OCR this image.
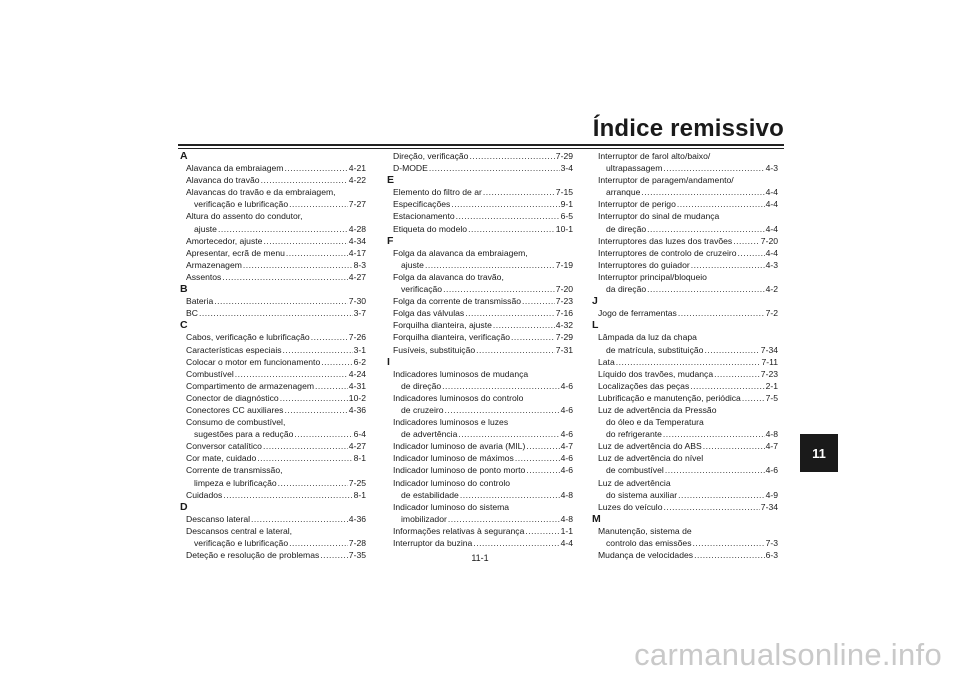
Índice remissivo
11
A
Alavanca da embraiagem .....	4-21
Alavanca do travão .....	4-22
Alavancas do travão e da embraiagem,
verificação e lubrificação .....	7-27
Altura do assento do condutor,
ajuste .....	4-28
Amortecedor, ajuste .....	4-34
Apresentar, ecrã de menu .....	4-17
Armazenagem .....	8-3
Assentos .....	4-27
B
Bateria .....	7-30
BC .....	3-7
C
Cabos, verificação e lubrificação .....	7-26
Características especiais .....	3-1
Colocar o motor em funcionamento .....	6-2
Combustível .....	4-24
Compartimento de armazenagem .....	4-31
Conector de diagnóstico .....	10-2
Conectores CC auxiliares .....	4-36
Consumo de combustível,
sugestões para a redução .....	6-4
Conversor catalítico .....	4-27
Cor mate, cuidado .....	8-1
Corrente de transmissão,
limpeza e lubrificação .....	7-25
Cuidados .....	8-1
D
Descanso lateral .....	4-36
Descansos central e lateral,
verificação e lubrificação .....	7-28
Deteção e resolução de problemas .....	7-35
Direção, verificação .....	7-29
D-MODE .....	3-4
E
Elemento do filtro de ar .....	7-15
Especificações .....	9-1
Estacionamento .....	6-5
Etiqueta do modelo .....	10-1
F
Folga da alavanca da embraiagem,
ajuste .....	7-19
Folga da alavanca do travão,
verificação .....	7-20
Folga da corrente de transmissão .....	7-23
Folga das válvulas .....	7-16
Forquilha dianteira, ajuste .....	4-32
Forquilha dianteira, verificação .....	7-29
Fusíveis, substituição .....	7-31
I
Indicadores luminosos de mudança
de direção .....	4-6
Indicadores luminosos do controlo
de cruzeiro .....	4-6
Indicadores luminosos e luzes
de advertência .....	4-6
Indicador luminoso de avaria (MIL) .....	4-7
Indicador luminoso de máximos .....	4-6
Indicador luminoso de ponto morto .....	4-6
Indicador luminoso do controlo
de estabilidade .....	4-8
Indicador luminoso do sistema
imobilizador .....	4-8
Informações relativas à segurança .....	1-1
Interruptor da buzina .....	4-4
Interruptor de farol alto/baixo/
ultrapassagem .....	4-3
Interruptor de paragem/andamento/
arranque .....	4-4
Interruptor de perigo .....	4-4
Interruptor do sinal de mudança
de direção .....	4-4
Interruptores das luzes dos travões .....	7-20
Interruptores de controlo de cruzeiro .....	4-4
Interruptores do guiador .....	4-3
Interruptor principal/bloqueio
da direção .....	4-2
J
Jogo de ferramentas .....	7-2
L
Lâmpada da luz da chapa
de matrícula, substituição .....	7-34
Lata .....	7-11
Líquido dos travões, mudança .....	7-23
Localizações das peças .....	2-1
Lubrificação e manutenção, periódica .....	7-5
Luz de advertência da Pressão
do óleo e da Temperatura
do refrigerante .....	4-8
Luz de advertência do ABS .....	4-7
Luz de advertência do nível
de combustível .....	4-6
Luz de advertência
do sistema auxiliar .....	4-9
Luzes do veículo .....	7-34
M
Manutenção, sistema de
controlo das emissões .....	7-3
Mudança de velocidades .....	6-3
11-1
carmanualsonline.info
